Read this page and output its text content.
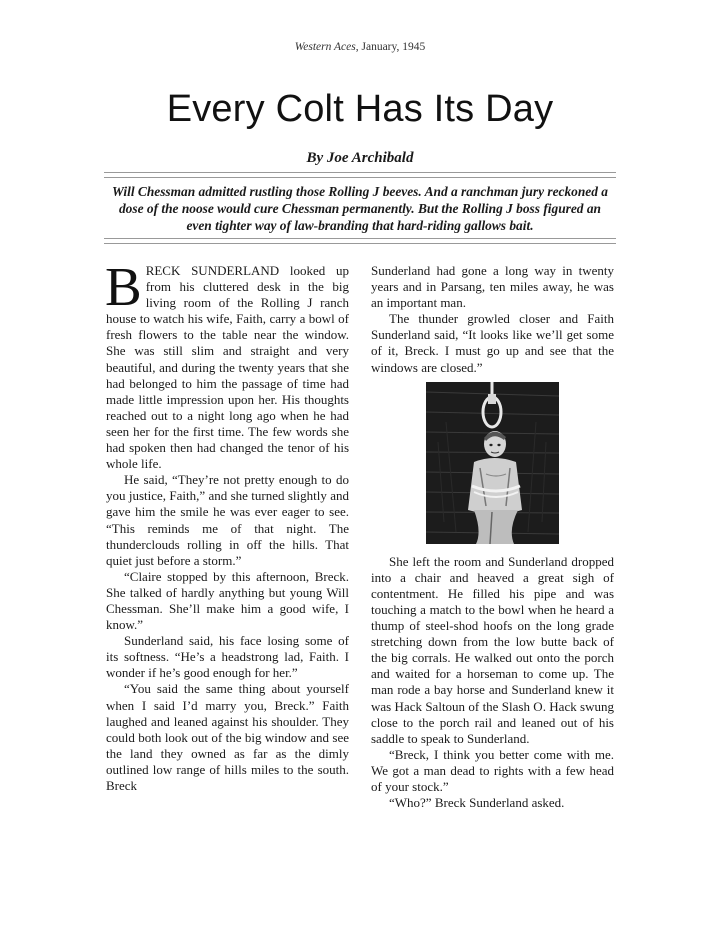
Western Aces, January, 1945
Every Colt Has Its Day
By Joe Archibald
Will Chessman admitted rustling those Rolling J beeves. And a ranchman jury reckoned a dose of the noose would cure Chessman permanently. But the Rolling J boss figured an even tighter way of law-branding that hard-riding gallows bait.

BRECK SUNDERLAND looked up from his cluttered desk in the big living room of the Rolling J ranch house to watch his wife, Faith, carry a bowl of fresh flowers to the table near the window. She was still slim and straight and very beautiful, and during the twenty years that she had belonged to him the passage of time had made little impression upon her. His thoughts reached out to a night long ago when he had seen her for the first time. The few words she had spoken then had changed the tenor of his whole life.

He said, “They’re not pretty enough to do you justice, Faith,” and she turned slightly and gave him the smile he was ever eager to see. “This reminds me of that night. The thunderclouds rolling in off the hills. That quiet just before a storm.”

“Claire stopped by this afternoon, Breck. She talked of hardly anything but young Will Chessman. She’ll make him a good wife, I know.”

Sunderland said, his face losing some of its softness. “He’s a headstrong lad, Faith. I wonder if he’s good enough for her.”

“You said the same thing about yourself when I said I’d marry you, Breck.” Faith laughed and leaned against his shoulder. They could both look out of the big window and see the land they owned as far as the dimly outlined low range of hills miles to the south. Breck

Sunderland had gone a long way in twenty years and in Parsang, ten miles away, he was an important man.

The thunder growled closer and Faith Sunderland said, “It looks like we’ll get some of it, Breck. I must go up and see that the windows are closed.”

She left the room and Sunderland dropped into a chair and heaved a great sigh of contentment. He filled his pipe and was touching a match to the bowl when he heard a thump of steel-shod hoofs on the long grade stretching down from the low butte back of the big corrals. He walked out onto the porch and waited for a horseman to come up. The man rode a bay horse and Sunderland knew it was Hack Saltoun of the Slash O. Hack swung close to the porch rail and leaned out of his saddle to speak to Sunderland.

“Breck, I think you better come with me. We got a man dead to rights with a few head of your stock.”

“Who?” Breck Sunderland asked.
